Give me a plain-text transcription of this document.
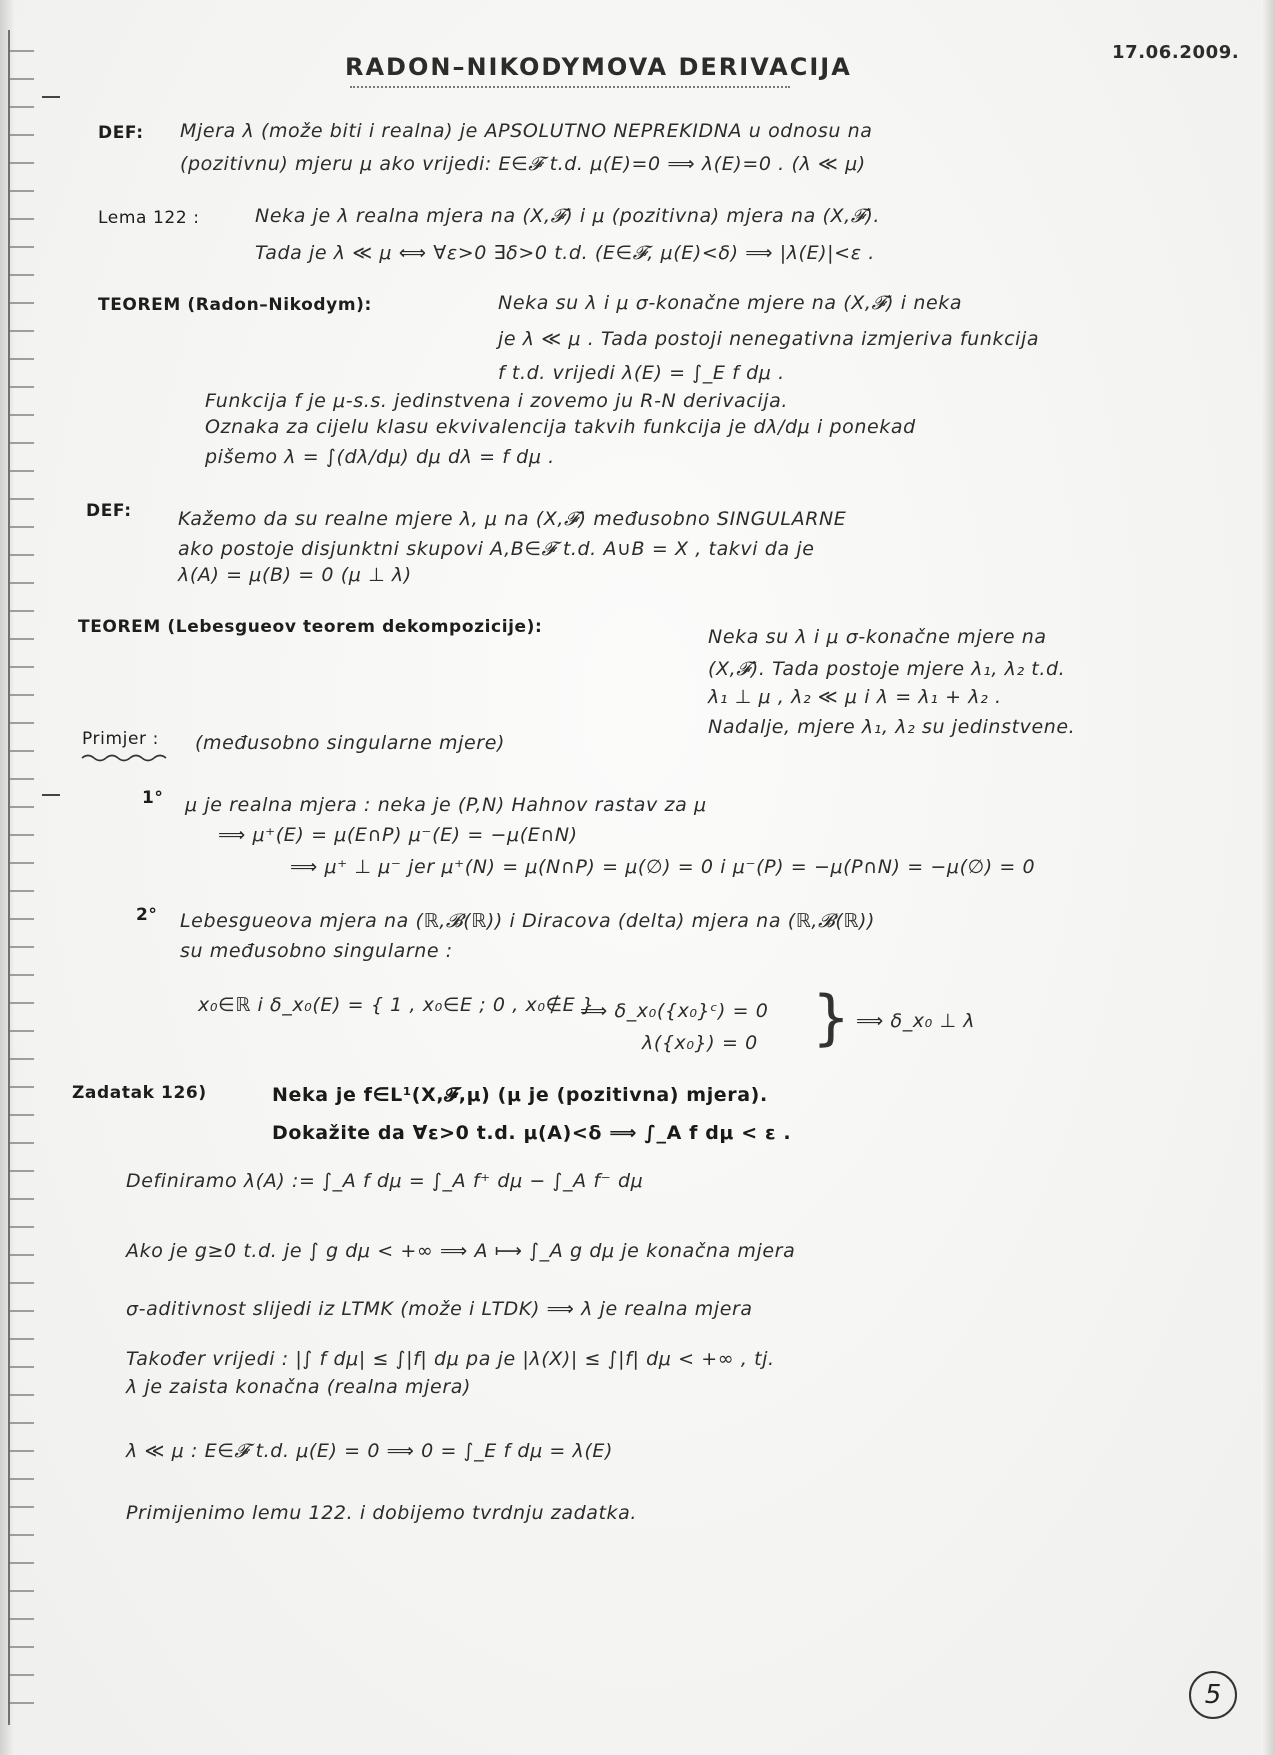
RADON–NIKODYMOVA DERIVACIJA
17.06.2009.
DEF: Mjera λ (može biti i realna) je APSOLUTNO NEPREKIDNA u odnosu na
(pozitivnu) mjeru μ ako vrijedi: E∈𝓕 t.d. μ(E)=0 ⟹ λ(E)=0 . (λ ≪ μ)
Lema 122 :	Neka je λ realna mjera na (X,𝓕) i μ (pozitivna) mjera na (X,𝓕).
Tada je λ ≪ μ ⟺ ∀ε>0 ∃δ>0 t.d. (E∈𝓕, μ(E)<δ) ⟹ |λ(E)|<ε .
TEOREM (Radon–Nikodym):	Neka su λ i μ σ-konačne mjere na (X,𝓕) i neka
je λ ≪ μ . Tada postoji nenegativna izmjeriva funkcija
f t.d. vrijedi λ(E) = ∫_E f dμ .
Funkcija f je μ-s.s. jedinstvena i zovemo ju R-N derivacija.
Oznaka za cijelu klasu ekvivalencija takvih funkcija je dλ/dμ i ponekad
pišemo λ = ∫(dλ/dμ) dμ dλ = f dμ .
DEF: Kažemo da su realne mjere λ, μ na (X,𝓕) međusobno SINGULARNE
ako postoje disjunktni skupovi A,B∈𝓕 t.d. A∪B = X , takvi da je
λ(A) = μ(B) = 0 (μ ⊥ λ)
TEOREM (Lebesgueov teorem dekompozicije):	Neka su λ i μ σ-konačne mjere na
(X,𝓕). Tada postoje mjere λ₁, λ₂ t.d.
λ₁ ⊥ μ , λ₂ ≪ μ i λ = λ₁ + λ₂ .
Nadalje, mjere λ₁, λ₂ su jedinstvene.
Primjer : (međusobno singularne mjere)
1° μ je realna mjera : neka je (P,N) Hahnov rastav za μ
⟹ μ⁺(E) = μ(E∩P) μ⁻(E) = −μ(E∩N)
⟹ μ⁺ ⊥ μ⁻ jer μ⁺(N) = μ(N∩P) = μ(∅) = 0 i μ⁻(P) = −μ(P∩N) = −μ(∅) = 0
2° Lebesgueova mjera na (ℝ,𝓑(ℝ)) i Diracova (delta) mjera na (ℝ,𝓑(ℝ))
su međusobno singularne :
x₀∈ℝ i δ_x₀(E) = { 1 , x₀∈E ; 0 , x₀∉E }
⟹ δ_x₀({x₀}ᶜ) = 0
λ({x₀}) = 0 } ⟹ δ_x₀ ⊥ λ
Zadatak 126)	Neka je f∈L¹(X,𝓕,μ) (μ je (pozitivna) mjera).
Dokažite da ∀ε>0 t.d. μ(A)<δ ⟹ ∫_A f dμ < ε .
Definiramo λ(A) := ∫_A f dμ = ∫_A f⁺ dμ − ∫_A f⁻ dμ
Ako je g≥0 t.d. je ∫ g dμ < +∞ ⟹ A ⟼ ∫_A g dμ je konačna mjera
σ-aditivnost slijedi iz LTMK (može i LTDK) ⟹ λ je realna mjera
Također vrijedi : |∫ f dμ| ≤ ∫|f| dμ pa je |λ(X)| ≤ ∫|f| dμ < +∞ , tj.
λ je zaista konačna (realna mjera)
λ ≪ μ : E∈𝓕 t.d. μ(E) = 0 ⟹ 0 = ∫_E f dμ = λ(E)
Primijenimo lemu 122. i dobijemo tvrdnju zadatka.
5
